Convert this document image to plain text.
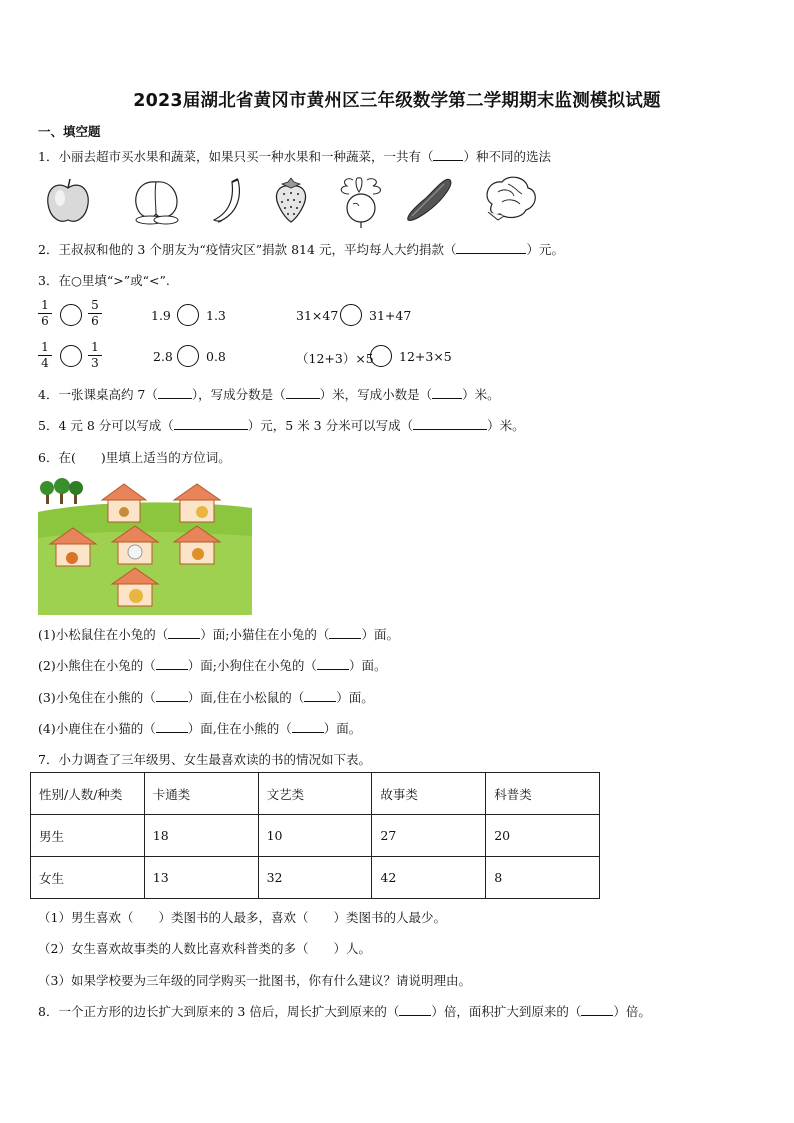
2023届湖北省黄冈市黄州区三年级数学第二学期期末监测模拟试题
一、填空题
1．小丽去超市买水果和蔬菜，如果只买一种水果和一种蔬菜，一共有（ ）种不同的选法
2．王叔叔和他的 3 个朋友为“疫情灾区”捐款 814 元，平均每人大约捐款（	）元。
3．在○里填“>”或“<”.
$\frac{1}{6}$	$\frac{5}{6}$	1.9	1.3	31×47 31+47
$\frac{1}{4}$	$\frac{1}{3}$	2.8	0.8	（12+3）×5 12+3×5
4．一张课桌高约 7（	），写成分数是（	）米，写成小数是（ ）米。
5．4 元 8 分可以写成（	）元，5 米 3 分米可以写成（	）米。
6．在(　　)里填上适当的方位词。
(1)小松鼠住在小兔的（	）面;小猫住在小兔的（	）面。
(2)小熊住在小兔的（	）面;小狗住在小兔的（	）面。
(3)小兔住在小熊的（	）面,住在小松鼠的（	）面。
(4)小鹿住在小猫的（	）面,住在小熊的（	）面。
7．小力调查了三年级男、女生最喜欢读的书的情况如下表。
性别/人数/种类	卡通类	文艺类	故事类	科普类
男生	18	10	27	20
女生	13	32	42	8
（1）男生喜欢（　　）类图书的人最多，喜欢（　　）类图书的人最少。
（2）女生喜欢故事类的人数比喜欢科普类的多（　　）人。
（3）如果学校要为三年级的同学购买一批图书，你有什么建议？请说明理由。
8．一个正方形的边长扩大到原来的 3 倍后，周长扩大到原来的（	）倍，面积扩大到原来的（	）倍。
